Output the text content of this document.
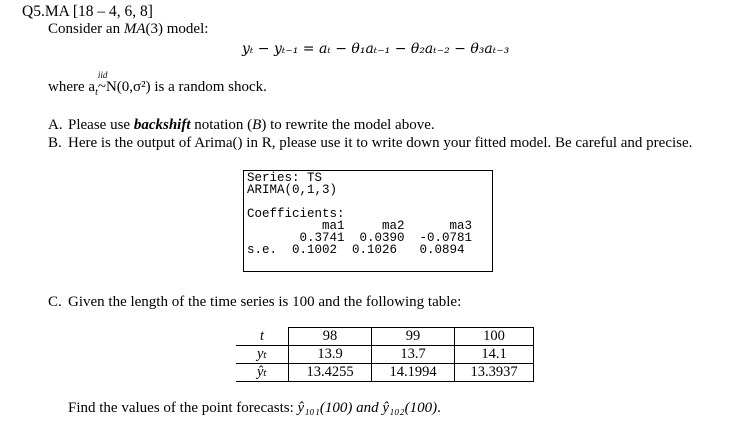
Q5.MA [18 – 4, 6, 8]
Consider an MA(3) model:
yₜ − yₜ₋₁ = aₜ − θ₁aₜ₋₁ − θ₂aₜ₋₂ − θ₃aₜ₋₃
where $a_t$
iid
~N(0,σ²) is a random shock.
A. Please use backshift notation (B) to rewrite the model above.
B. Here is the output of Arima() in R, please use it to write down your fitted model. Be careful and precise.
Series: TS
ARIMA(0,1,3)
Coefficients:
ma1     ma2      ma3
0.3741  0.0390  -0.0781
s.e.  0.1002  0.1026   0.0894
C. Given the length of the time series is 100 and the following table:
t	98	99	100
yₜ	13.9	13.7	14.1
ŷₜ	13.4255	14.1994	13.3937
Find the values of the point forecasts: ŷ₁₀₁(100) and ŷ₁₀₂(100).
